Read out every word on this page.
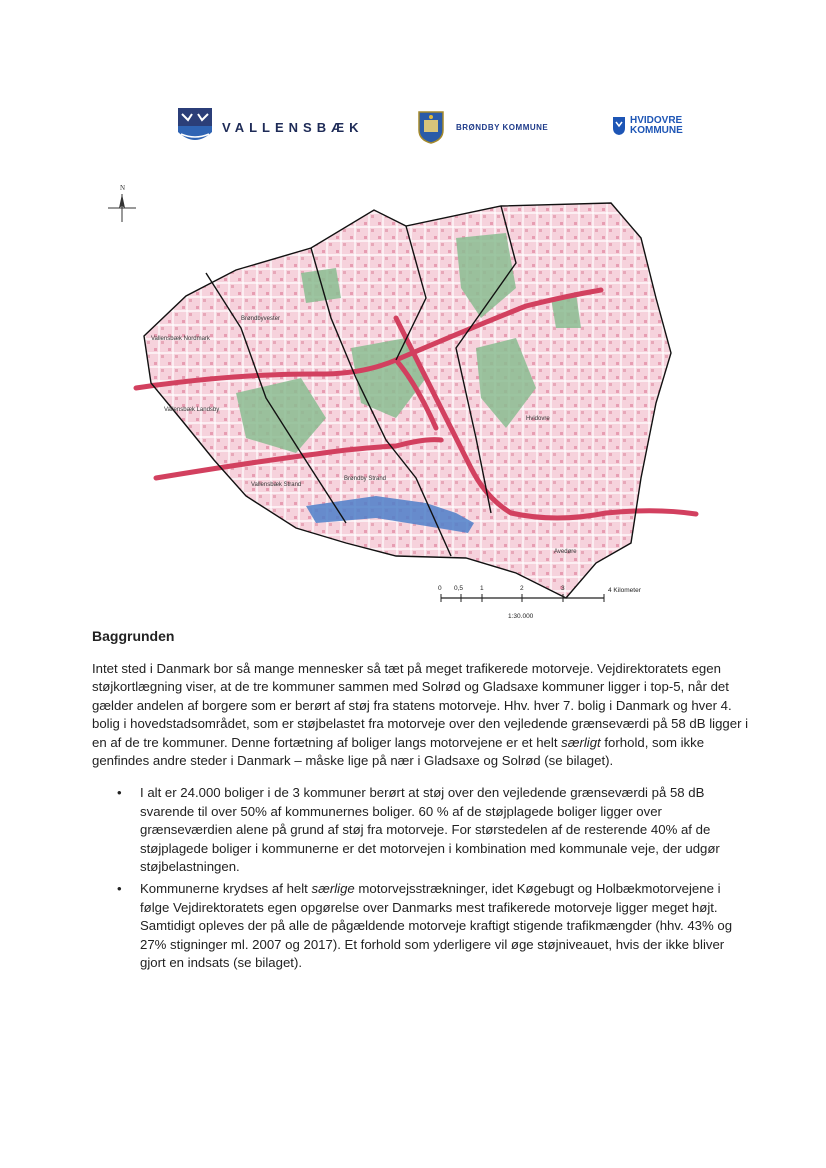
VALLENSBÆK	BRØNDBY KOMMUNE
HVIDOVRE
KOMMUNE
N
Brøndbyvester
Vallensbæk Nordmark
Vallensbæk Landsby
Vallensbæk Strand
Brøndby Strand
Hvidovre
Avedøre
0 0,5	1	2	3	4 Kilometer
1:30.000

Baggrunden

Intet sted i Danmark bor så mange mennesker så tæt på meget trafikerede motorveje. Vejdirektoratets egen støjkortlægning viser, at de tre kommuner sammen med Solrød og Gladsaxe kommuner ligger i top-5, når det gælder andelen af borgere som er berørt af støj fra statens motorveje. Hhv. hver 7. bolig i Danmark og hver 4. bolig i hovedstadsområdet, som er støjbelastet fra motorveje over den vejledende grænseværdi på 58 dB ligger i en af de tre kommuner. Denne fortætning af boliger langs motorvejene er et helt særligt forhold, som ikke genfindes andre steder i Danmark – måske lige på nær i Gladsaxe og Solrød (se bilaget).

• I alt er 24.000 boliger i de 3 kommuner berørt at støj over den vejledende grænseværdi på 58 dB svarende til over 50% af kommunernes boliger. 60 % af de støjplagede boliger ligger over grænseværdien alene på grund af støj fra motorveje. For størstedelen af de resterende 40% af de støjplagede boliger i kommunerne er det motorvejen i kombination med kommunale veje, der udgør støjbelastningen.
• Kommunerne krydses af helt særlige motorvejsstrækninger, idet Køgebugt og Holbækmotorvejene i følge Vejdirektoratets egen opgørelse over Danmarks mest trafikerede motorveje ligger meget højt. Samtidigt opleves der på alle de pågældende motorveje kraftigt stigende trafikmængder (hhv. 43% og 27% stigninger ml. 2007 og 2017). Et forhold som yderligere vil øge støjniveauet, hvis der ikke bliver gjort en indsats (se bilaget).
